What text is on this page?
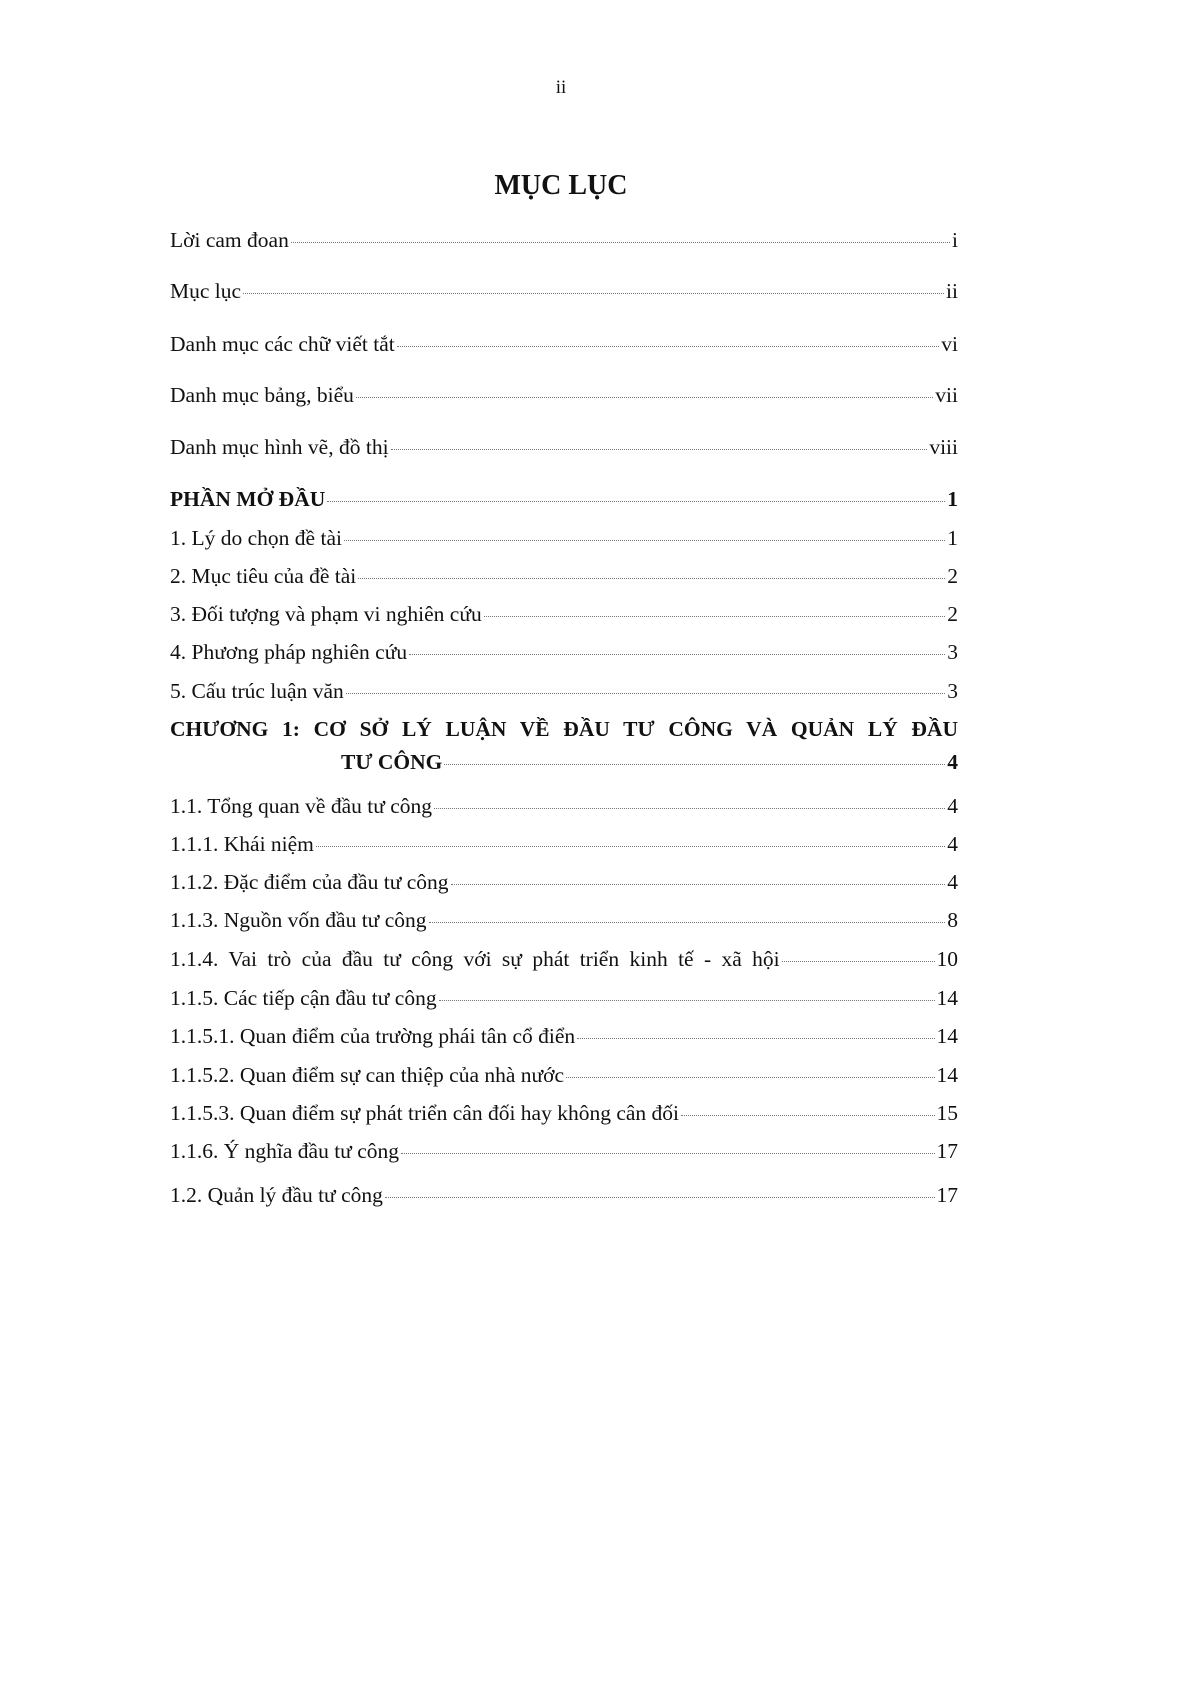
ii
MỤC LỤC
Lời cam đoan	i
Mục lục	ii
Danh mục các chữ viết tắt	vi
Danh mục bảng, biểu	vii
Danh mục hình vẽ, đồ thị	viii
PHẦN MỞ ĐẦU	1
1. Lý do chọn đề tài	1
2. Mục tiêu của đề tài	2
3. Đối tượng và phạm vi nghiên cứu	2
4. Phương pháp nghiên cứu	3
5. Cấu trúc luận văn	3
CHƯƠNG 1: CƠ SỞ LÝ LUẬN VỀ ĐẦU TƯ CÔNG VÀ QUẢN LÝ ĐẦU
TƯ CÔNG	4
1.1. Tổng quan về đầu tư công	4
1.1.1. Khái niệm	4
1.1.2. Đặc điểm của đầu tư công	4
1.1.3. Nguồn vốn đầu tư công	8
1.1.4. Vai trò của đầu tư công với sự phát triển kinh tế - xã hội	10
1.1.5. Các tiếp cận đầu tư công	14
1.1.5.1. Quan điểm của trường phái tân cổ điển	14
1.1.5.2. Quan điểm sự can thiệp của nhà nước	14
1.1.5.3. Quan điểm sự phát triển cân đối hay không cân đối	15
1.1.6. Ý nghĩa đầu tư công	17
1.2. Quản lý đầu tư công	17
